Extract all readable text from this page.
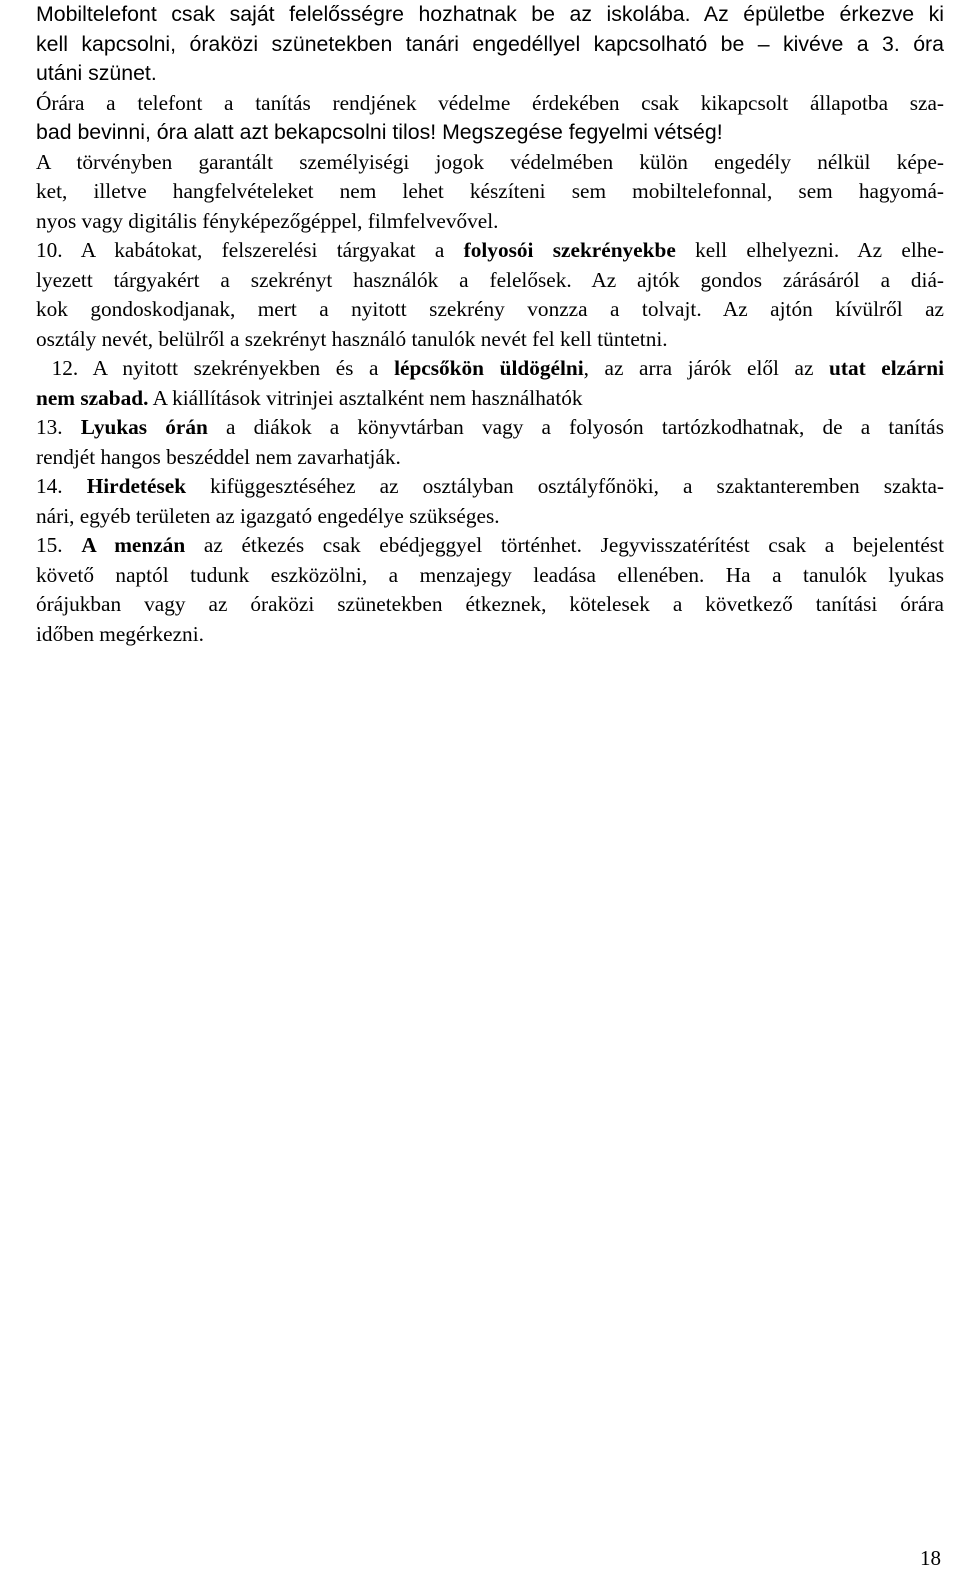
Mobiltelefont csak saját felelősségre hozhatnak be az iskolába. Az épületbe érkezve ki
kell kapcsolni, óraközi szünetekben tanári engedéllyel kapcsolható be – kivéve a 3. óra
utáni szünet.
Órára a telefont a tanítás rendjének védelme érdekében csak kikapcsolt állapotba sza-
bad bevinni, óra alatt azt bekapcsolni tilos! Megszegése fegyelmi vétség!
A törvényben garantált személyiségi jogok védelmében külön engedély nélkül képe-
ket, illetve hangfelvételeket nem lehet készíteni sem mobiltelefonnal, sem hagyomá-
nyos vagy digitális fényképezőgéppel, filmfelvevővel.
10. A kabátokat, felszerelési tárgyakat a folyosói szekrényekbe kell elhelyezni. Az elhe-
lyezett tárgyakért a szekrényt használók a felelősek. Az ajtók gondos zárásáról a diá-
kok gondoskodjanak, mert a nyitott szekrény vonzza a tolvajt. Az ajtón kívülről az
osztály nevét, belülről a szekrényt használó tanulók nevét fel kell tüntetni.
12. A nyitott szekrényekben és a lépcsőkön üldögélni, az arra járók elől az utat elzárni
nem szabad. A kiállítások vitrinjei asztalként nem használhatók
13. Lyukas órán a diákok a könyvtárban vagy a folyosón tartózkodhatnak, de a tanítás
rendjét hangos beszéddel nem zavarhatják.
14. Hirdetések kifüggesztéséhez az osztályban osztályfőnöki, a szaktanteremben szakta-
nári, egyéb területen az igazgató engedélye szükséges.
15. A menzán az étkezés csak ebédjeggyel történhet. Jegyvisszatérítést csak a bejelentést
követő naptól tudunk eszközölni, a menzajegy leadása ellenében. Ha a tanulók lyukas
órájukban vagy az óraközi szünetekben étkeznek, kötelesek a következő tanítási órára
időben megérkezni.
18
